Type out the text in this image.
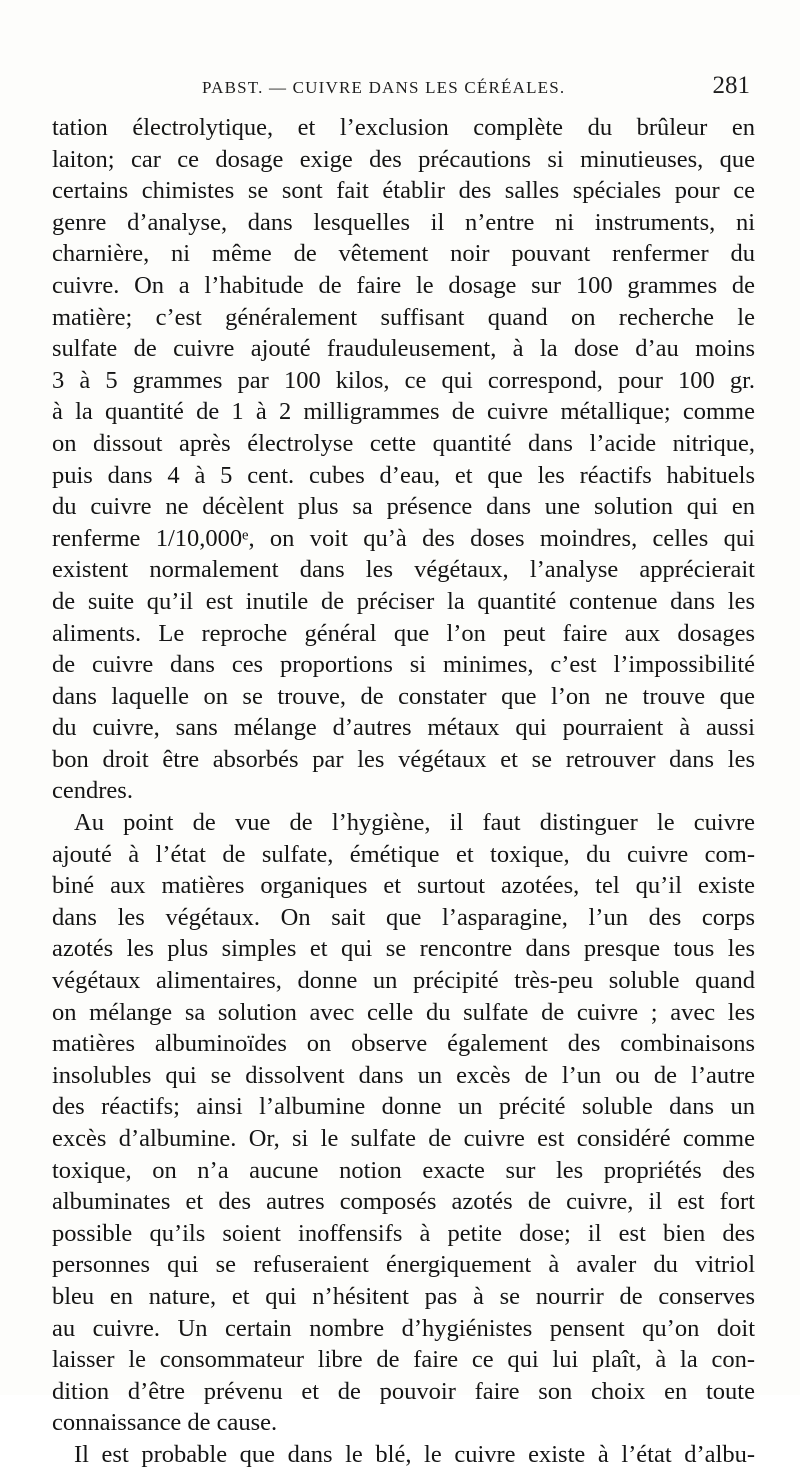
PABST. — CUIVRE DANS LES CÉRÉALES.	281
tation électrolytique, et l’exclusion complète du brûleur en
laiton; car ce dosage exige des précautions si minutieuses, que
certains chimistes se sont fait établir des salles spéciales pour ce
genre d’analyse, dans lesquelles il n’entre ni instruments, ni
charnière, ni même de vêtement noir pouvant renfermer du
cuivre. On a l’habitude de faire le dosage sur 100 grammes de
matière; c’est généralement suffisant quand on recherche le
sulfate de cuivre ajouté frauduleusement, à la dose d’au moins
3 à 5 grammes par 100 kilos, ce qui correspond, pour 100 gr.
à la quantité de 1 à 2 milligrammes de cuivre métallique; comme
on dissout après électrolyse cette quantité dans l’acide nitrique,
puis dans 4 à 5 cent. cubes d’eau, et que les réactifs habituels
du cuivre ne décèlent plus sa présence dans une solution qui en
renferme 1/10,000ᵉ, on voit qu’à des doses moindres, celles qui
existent normalement dans les végétaux, l’analyse apprécierait
de suite qu’il est inutile de préciser la quantité contenue dans les
aliments. Le reproche général que l’on peut faire aux dosages
de cuivre dans ces proportions si minimes, c’est l’impossibilité
dans laquelle on se trouve, de constater que l’on ne trouve que
du cuivre, sans mélange d’autres métaux qui pourraient à aussi
bon droit être absorbés par les végétaux et se retrouver dans les
cendres.
Au point de vue de l’hygiène, il faut distinguer le cuivre
ajouté à l’état de sulfate, émétique et toxique, du cuivre com-
biné aux matières organiques et surtout azotées, tel qu’il existe
dans les végétaux. On sait que l’asparagine, l’un des corps
azotés les plus simples et qui se rencontre dans presque tous les
végétaux alimentaires, donne un précipité très-peu soluble quand
on mélange sa solution avec celle du sulfate de cuivre ; avec les
matières albuminoïdes on observe également des combinaisons
insolubles qui se dissolvent dans un excès de l’un ou de l’autre
des réactifs; ainsi l’albumine donne un précité soluble dans un
excès d’albumine. Or, si le sulfate de cuivre est considéré comme
toxique, on n’a aucune notion exacte sur les propriétés des
albuminates et des autres composés azotés de cuivre, il est fort
possible qu’ils soient inoffensifs à petite dose; il est bien des
personnes qui se refuseraient énergiquement à avaler du vitriol
bleu en nature, et qui n’hésitent pas à se nourrir de conserves
au cuivre. Un certain nombre d’hygiénistes pensent qu’on doit
laisser le consommateur libre de faire ce qui lui plaît, à la con-
dition d’être prévenu et de pouvoir faire son choix en toute
connaissance de cause.
Il est probable que dans le blé, le cuivre existe à l’état d’albu-
